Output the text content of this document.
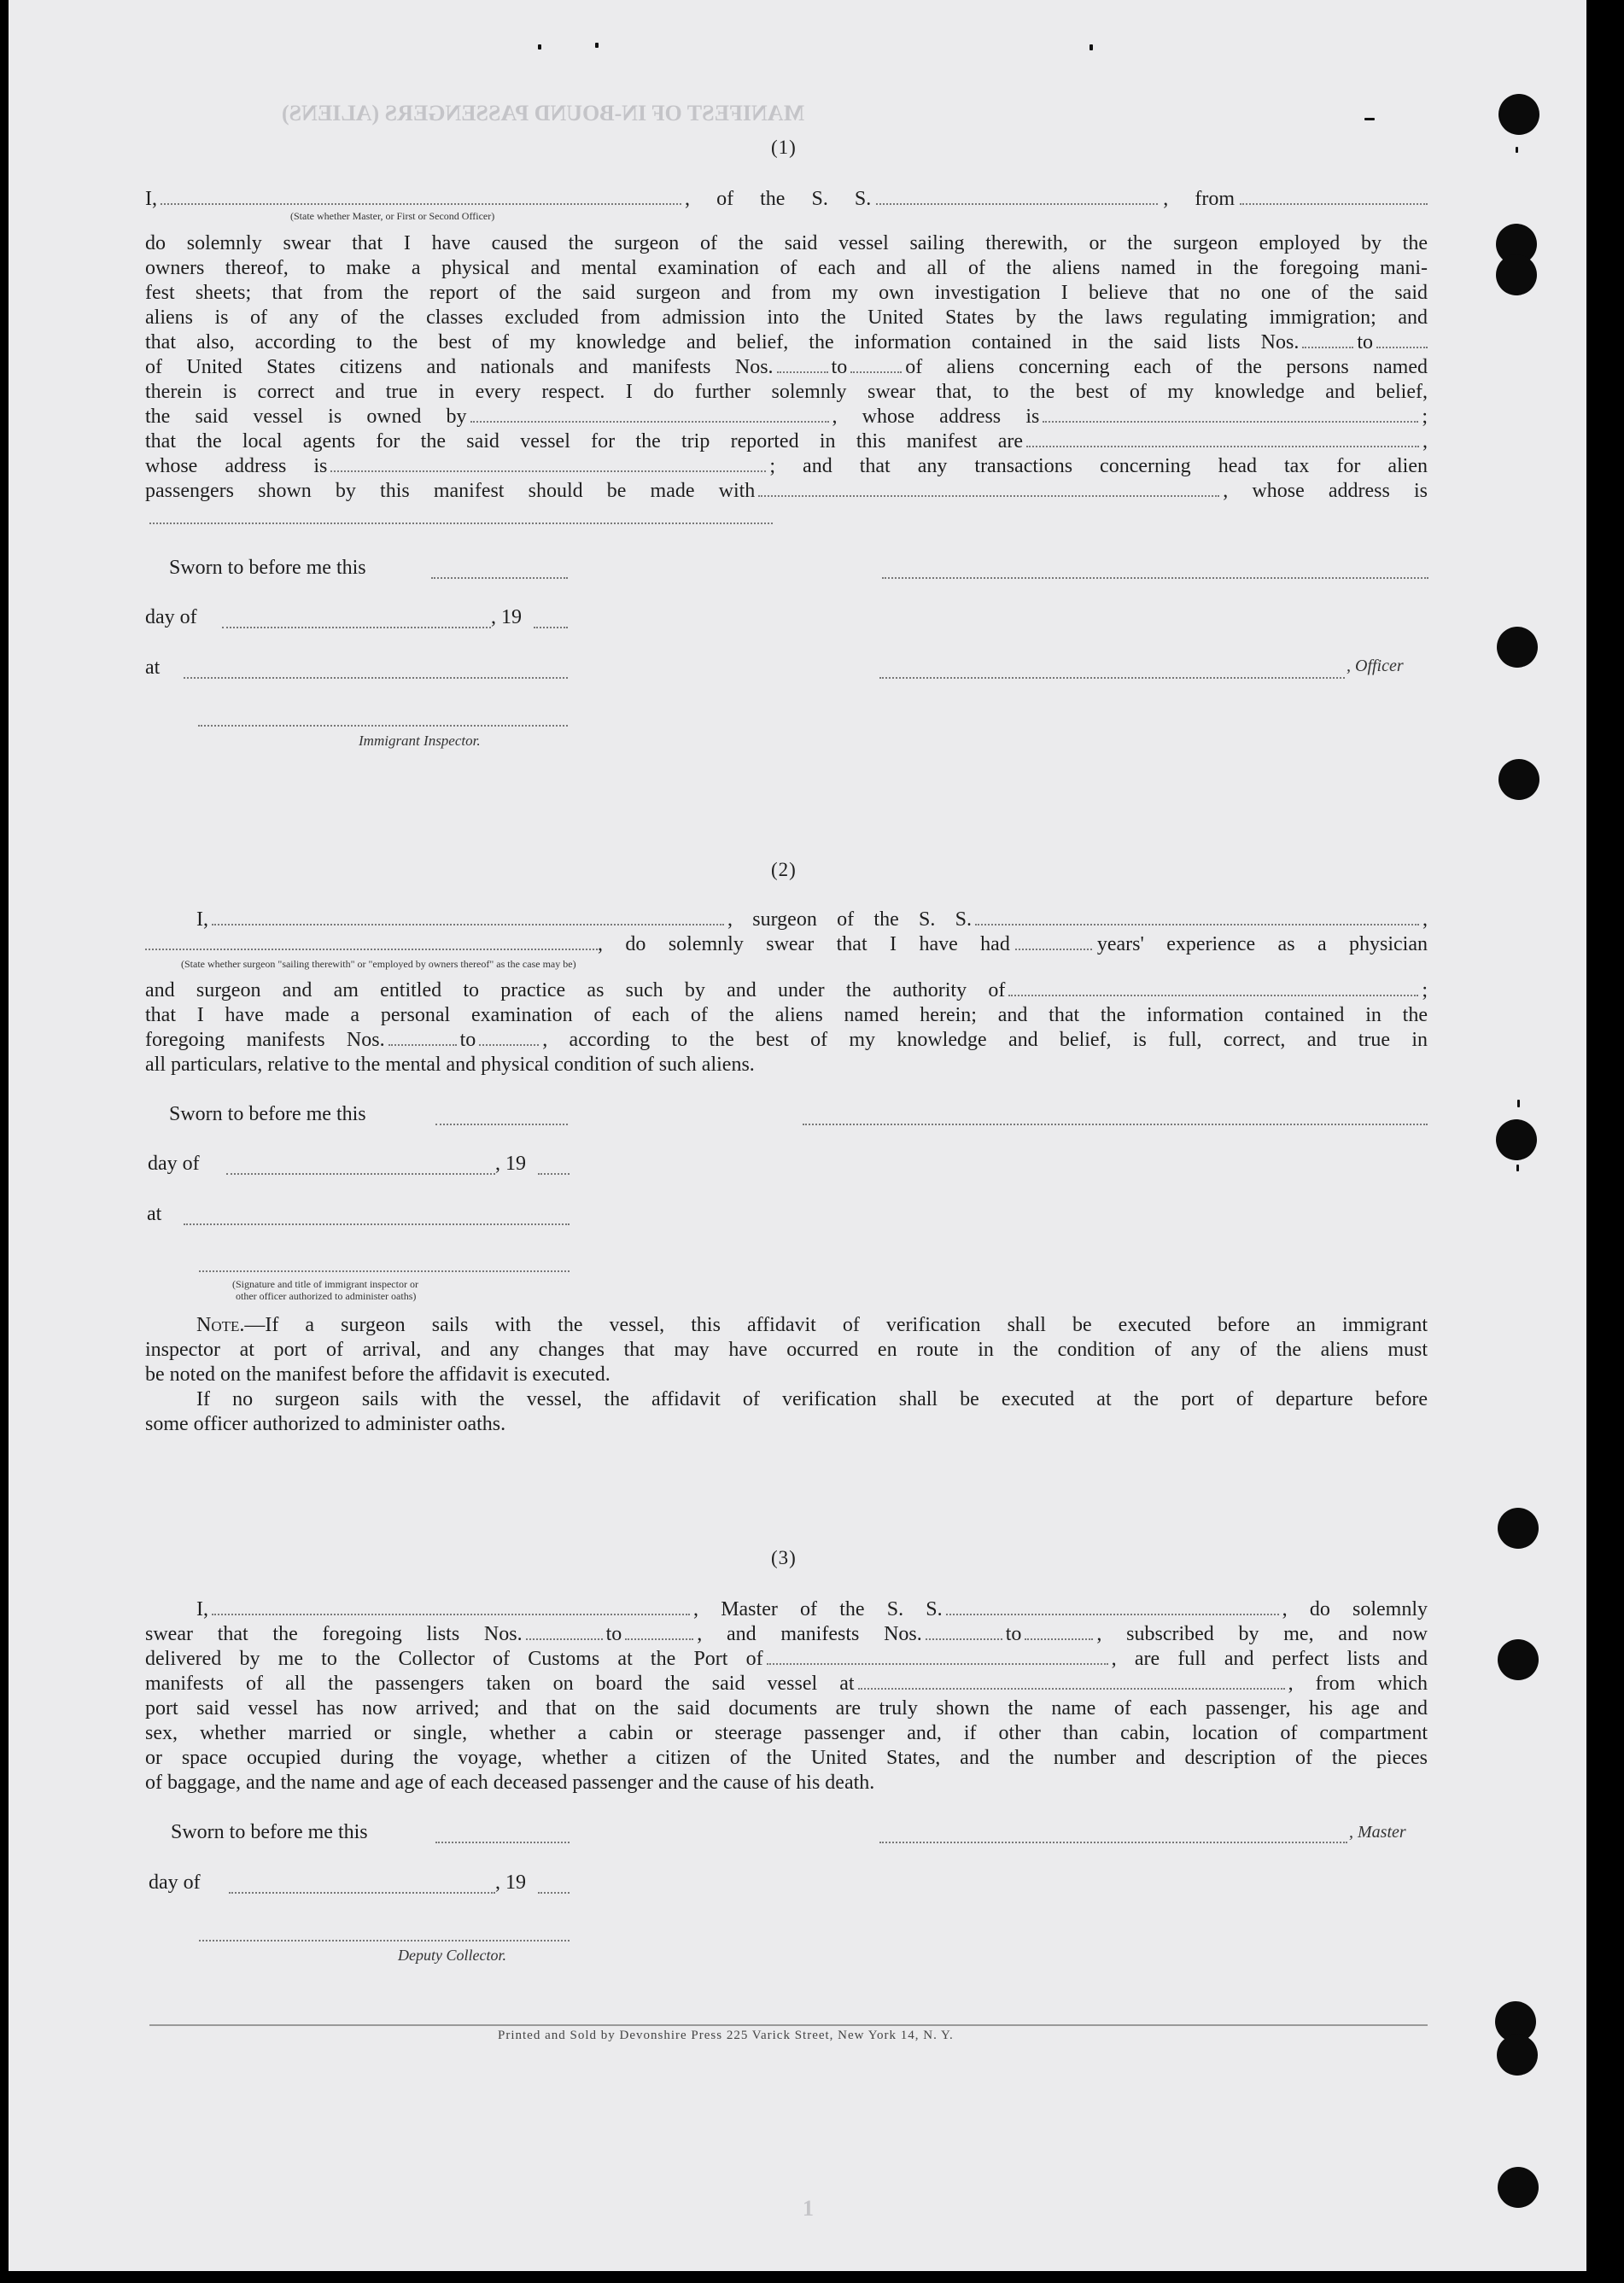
MANIFEST OF IN-BOUND PASSENGERS (ALIENS)
1
(1)
I,	, of the S. S.	, from
(State whether Master, or First or Second Officer)
do solemnly swear that I have caused the surgeon of the said vessel sailing therewith, or the surgeon employed by the
owners thereof, to make a physical and mental examination of each and all of the aliens named in the foregoing mani-
fest sheets; that from the report of the said surgeon and from my own investigation I believe that no one of the said
aliens is of any of the classes excluded from admission into the United States by the laws regulating immigration; and
that also, according to the best of my knowledge and belief, the information contained in the said lists Nos.	to
of United States citizens and nationals and manifests Nos.	to	of aliens concerning each of the persons named
therein is correct and true in every respect. I do further solemnly swear that, to the best of my knowledge and belief,
the said vessel is owned by	, whose address is	;
that the local agents for the said vessel for the trip reported in this manifest are	,
whose address is	; and that any transactions concerning head tax for alien
passengers shown by this manifest should be made with	, whose address is
Sworn to before me this
day of	, 19
at	, Officer
Immigrant Inspector.
(2)
I,	, surgeon of the S. S.	,
, do solemnly swear that I have had	years' experience as a physician
(State whether surgeon "sailing therewith" or "employed by owners thereof" as the case may be)
and surgeon and am entitled to practice as such by and under the authority of	;
that I have made a personal examination of each of the aliens named herein; and that the information contained in the
foregoing manifests Nos.	to	, according to the best of my knowledge and belief, is full, correct, and true in
all particulars, relative to the mental and physical condition of such aliens.
Sworn to before me this
day of	, 19
at
(Signature and title of immigrant inspector or
other officer authorized to administer oaths)
Note.—If a surgeon sails with the vessel, this affidavit of verification shall be executed before an immigrant
inspector at port of arrival, and any changes that may have occurred en route in the condition of any of the aliens must
be noted on the manifest before the affidavit is executed.
If no surgeon sails with the vessel, the affidavit of verification shall be executed at the port of departure before
some officer authorized to administer oaths.
(3)
I,	, Master of the S. S.	, do solemnly
swear that the foregoing lists Nos.	to	, and manifests Nos.	to	, subscribed by me, and now
delivered by me to the Collector of Customs at the Port of	, are full and perfect lists and
manifests of all the passengers taken on board the said vessel at	, from which
port said vessel has now arrived; and that on the said documents are truly shown the name of each passenger, his age and
sex, whether married or single, whether a cabin or steerage passenger and, if other than cabin, location of compartment
or space occupied during the voyage, whether a citizen of the United States, and the number and description of the pieces
of baggage, and the name and age of each deceased passenger and the cause of his death.
Sworn to before me this	, Master
day of	, 19
Deputy Collector.
Printed and Sold by Devonshire Press 225 Varick Street, New York 14, N. Y.
